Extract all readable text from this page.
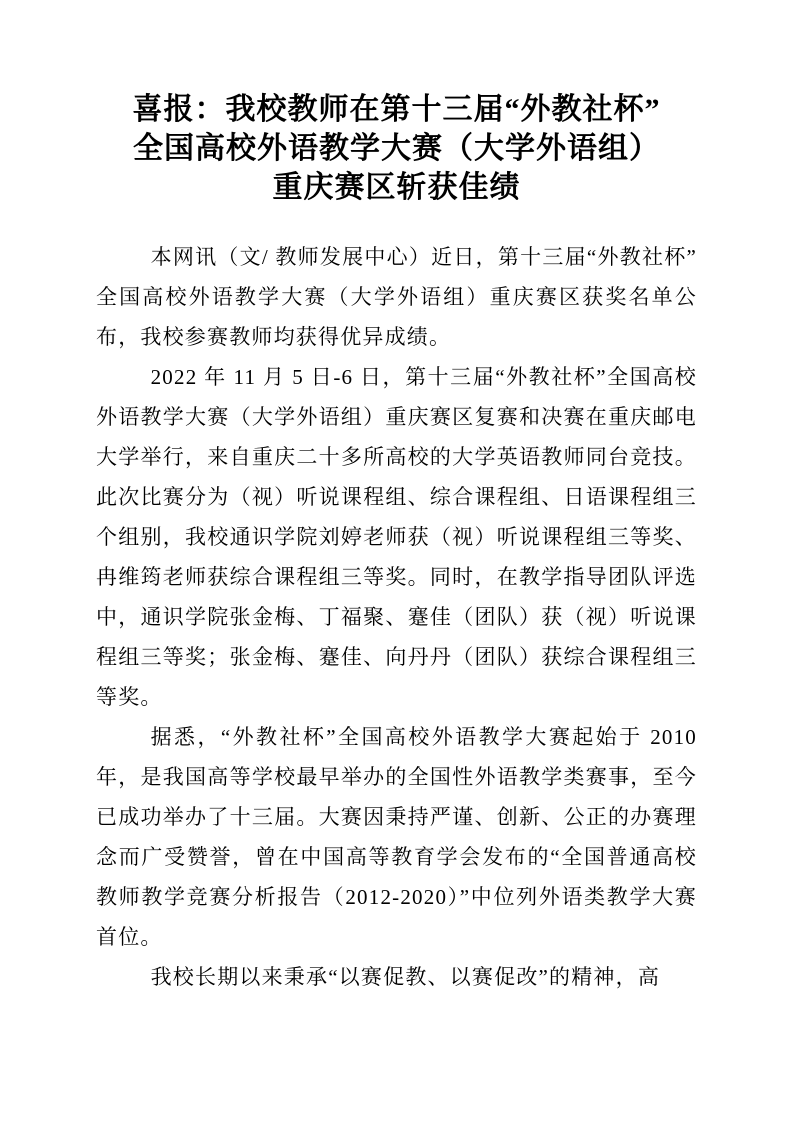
喜报：我校教师在第十三届“外教社杯”
全国高校外语教学大赛（大学外语组）
重庆赛区斩获佳绩

本网讯（文/ 教师发展中心）近日，第十三届“外教社杯”全国高校外语教学大赛（大学外语组）重庆赛区获奖名单公布，我校参赛教师均获得优异成绩。

2022 年 11 月 5 日-6 日，第十三届“外教社杯”全国高校外语教学大赛（大学外语组）重庆赛区复赛和决赛在重庆邮电大学举行，来自重庆二十多所高校的大学英语教师同台竞技。此次比赛分为（视）听说课程组、综合课程组、日语课程组三个组别，我校通识学院刘婷老师获（视）听说课程组三等奖、冉维筠老师获综合课程组三等奖。同时，在教学指导团队评选中，通识学院张金梅、丁福聚、蹇佳（团队）获（视）听说课程组三等奖；张金梅、蹇佳、向丹丹（团队）获综合课程组三等奖。

据悉，“外教社杯”全国高校外语教学大赛起始于 2010 年，是我国高等学校最早举办的全国性外语教学类赛事，至今已成功举办了十三届。大赛因秉持严谨、创新、公正的办赛理念而广受赞誉，曾在中国高等教育学会发布的“全国普通高校教师教学竞赛分析报告（2012-2020）”中位列外语类教学大赛首位。

我校长期以来秉承“以赛促教、以赛促改”的精神，高
